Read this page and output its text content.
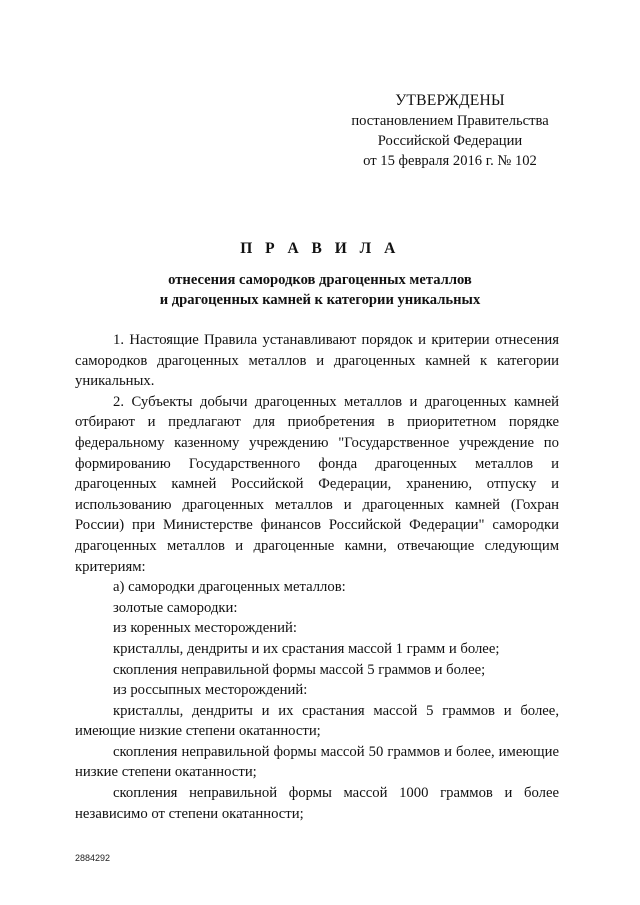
УТВЕРЖДЕНЫ
постановлением Правительства
Российской Федерации
от 15 февраля 2016 г. № 102
П Р А В И Л А
отнесения самородков драгоценных металлов
и драгоценных камней к категории уникальных

1. Настоящие Правила устанавливают порядок и критерии отнесения самородков драгоценных металлов и драгоценных камней к категории уникальных.

2. Субъекты добычи драгоценных металлов и драгоценных камней отбирают и предлагают для приобретения в приоритетном порядке федеральному казенному учреждению "Государственное учреждение по формированию Государственного фонда драгоценных металлов и драгоценных камней Российской Федерации, хранению, отпуску и использованию драгоценных металлов и драгоценных камней (Гохран России) при Министерстве финансов Российской Федерации" самородки драгоценных металлов и драгоценные камни, отвечающие следующим критериям:

а) самородки драгоценных металлов:

золотые самородки:

из коренных месторождений:

кристаллы, дендриты и их срастания массой 1 грамм и более;

скопления неправильной формы массой 5 граммов и более;

из россыпных месторождений:

кристаллы, дендриты и их срастания массой 5 граммов и более, имеющие низкие степени окатанности;

скопления неправильной формы массой 50 граммов и более, имеющие низкие степени окатанности;

скопления неправильной формы массой 1000 граммов и более независимо от степени окатанности;

2884292
